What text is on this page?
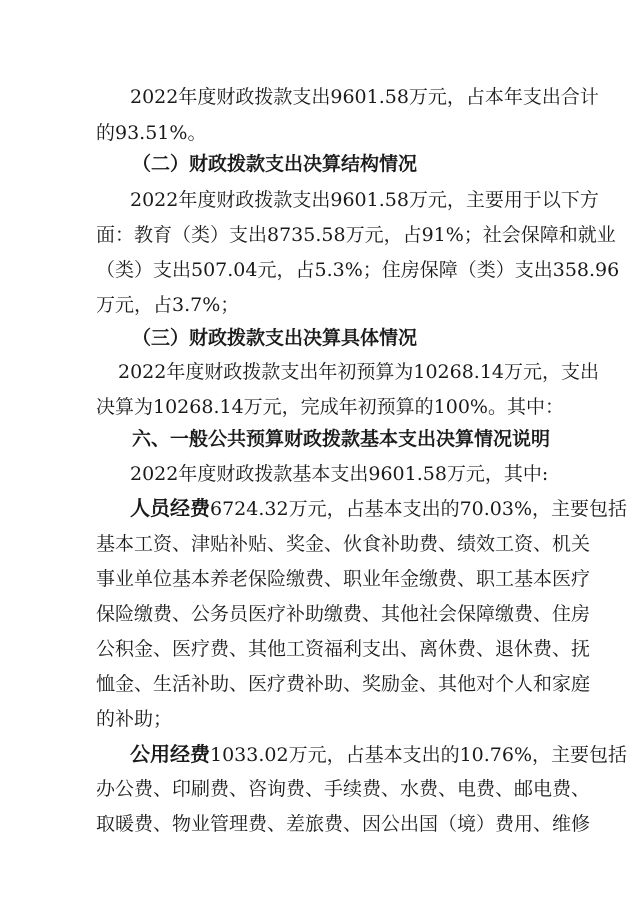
2022年度财政拨款支出9601.58万元，占本年支出合计
的93.51%。
（二）财政拨款支出决算结构情况
2022年度财政拨款支出9601.58万元，主要用于以下方
面：教育（类）支出8735.58万元，占91%；社会保障和就业
（类）支出507.04元，占5.3%；住房保障（类）支出358.96
万元，占3.7%；
（三）财政拨款支出决算具体情况
2022年度财政拨款支出年初预算为10268.14万元，支出
决算为10268.14万元，完成年初预算的100%。其中：
六、一般公共预算财政拨款基本支出决算情况说明
2022年度财政拨款基本支出9601.58万元，其中:
人员经费6724.32万元，占基本支出的70.03%，主要包括
基本工资、津贴补贴、奖金、伙食补助费、绩效工资、机关
事业单位基本养老保险缴费、职业年金缴费、职工基本医疗
保险缴费、公务员医疗补助缴费、其他社会保障缴费、住房
公积金、医疗费、其他工资福利支出、离休费、退休费、抚
恤金、生活补助、医疗费补助、奖励金、其他对个人和家庭
的补助；
公用经费1033.02万元，占基本支出的10.76%，主要包括
办公费、印刷费、咨询费、手续费、水费、电费、邮电费、
取暖费、物业管理费、差旅费、因公出国（境）费用、维修
